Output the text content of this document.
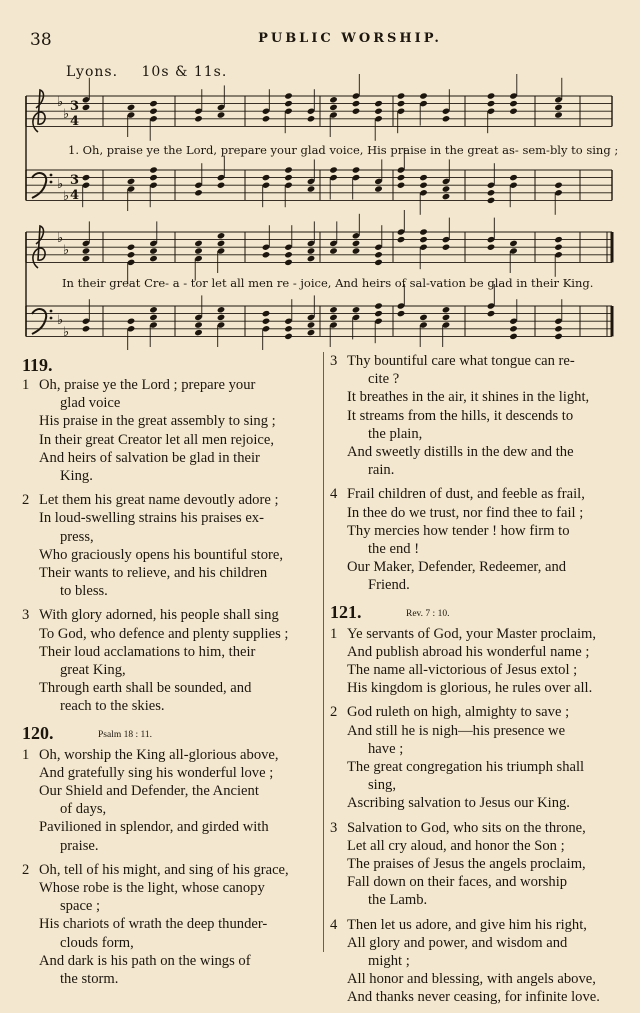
38	PUBLIC WORSHIP.
Lyons. 10s & 11s.
♭
♭
3
4
♭
♭
3
4
♭
♭
♭
♭
1. Oh, praise ye the Lord, prepare your glad voice, His praise in the great as- sem-bly to sing ;
In their great Cre- a - tor let all men re - joice, And heirs of sal-vation be glad in their King.
119.
1 Oh, praise ye the Lord ; prepare your
glad voice
His praise in the great assembly to sing ;
In their great Creator let all men rejoice,
And heirs of salvation be glad in their
King.
2 Let them his great name devoutly adore ;
In loud-swelling strains his praises ex-
press,
Who graciously opens his bountiful store,
Their wants to relieve, and his children
to bless.
3 With glory adorned, his people shall sing
To God, who defence and plenty supplies ;
Their loud acclamations to him, their
great King,
Through earth shall be sounded, and
reach to the skies.
120.	Psalm 18 : 11.
1 Oh, worship the King all-glorious above,
And gratefully sing his wonderful love ;
Our Shield and Defender, the Ancient
of days,
Pavilioned in splendor, and girded with
praise.
2 Oh, tell of his might, and sing of his grace,
Whose robe is the light, whose canopy
space ;
His chariots of wrath the deep thunder-
clouds form,
And dark is his path on the wings of
the storm.
3 Thy bountiful care what tongue can re-
cite ?
It breathes in the air, it shines in the light,
It streams from the hills, it descends to
the plain,
And sweetly distills in the dew and the
rain.
4 Frail children of dust, and feeble as frail,
In thee do we trust, nor find thee to fail ;
Thy mercies how tender ! how firm to
the end !
Our Maker, Defender, Redeemer, and
Friend.
121.	Rev. 7 : 10.
1 Ye servants of God, your Master proclaim,
And publish abroad his wonderful name ;
The name all-victorious of Jesus extol ;
His kingdom is glorious, he rules over all.
2 God ruleth on high, almighty to save ;
And still he is nigh—his presence we
have ;
The great congregation his triumph shall
sing,
Ascribing salvation to Jesus our King.
3 Salvation to God, who sits on the throne,
Let all cry aloud, and honor the Son ;
The praises of Jesus the angels proclaim,
Fall down on their faces, and worship
the Lamb.
4 Then let us adore, and give him his right,
All glory and power, and wisdom and
might ;
All honor and blessing, with angels above,
And thanks never ceasing, for infinite love.
